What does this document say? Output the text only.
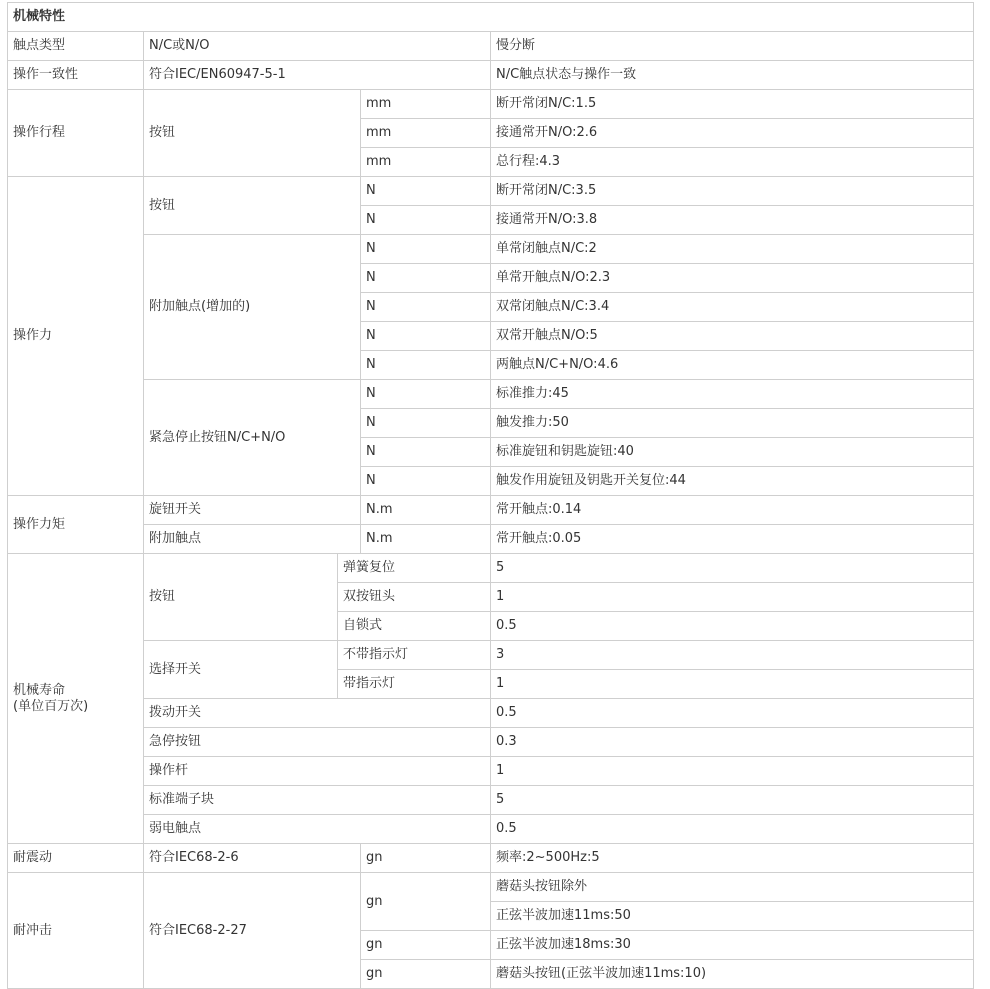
机械特性				
触点类型	N/C或N/O			慢分断
操作一致性	符合IEC/EN60947-5-1			N/C触点状态与操作一致
操作行程	按钮		mm	断开常闭N/C:1.5
			mm	接通常开N/O:2.6
			mm	总行程:4.3
操作力	按钮		N	断开常闭N/C:3.5
			N	接通常开N/O:3.8
	附加触点(增加的)		N	单常闭触点N/C:2
			N	单常开触点N/O:2.3
			N	双常闭触点N/C:3.4
			N	双常开触点N/O:5
			N	两触点N/C+N/O:4.6
	紧急停止按钮N/C+N/O		N	标准推力:45
			N	触发推力:50
			N	标准旋钮和钥匙旋钮:40
			N	触发作用旋钮及钥匙开关复位:44
操作力矩	旋钮开关		N.m	常开触点:0.14
	附加触点		N.m	常开触点:0.05

机械寿命
(单位百万次)	按钮	弹簧复位		5
		双按钮头		1
		自锁式		0.5
	选择开关	不带指示灯		3
		带指示灯		1
	拨动开关			0.5
	急停按钮			0.3
	操作杆			1
	标准端子块			5
	弱电触点			0.5
耐震动	符合IEC68-2-6		gn	频率:2~500Hz:5
耐冲击	符合IEC68-2-27		gn	蘑菇头按钮除外
				正弦半波加速11ms:50
			gn	正弦半波加速18ms:30
			gn	蘑菇头按钮(正弦半波加速11ms:10)
